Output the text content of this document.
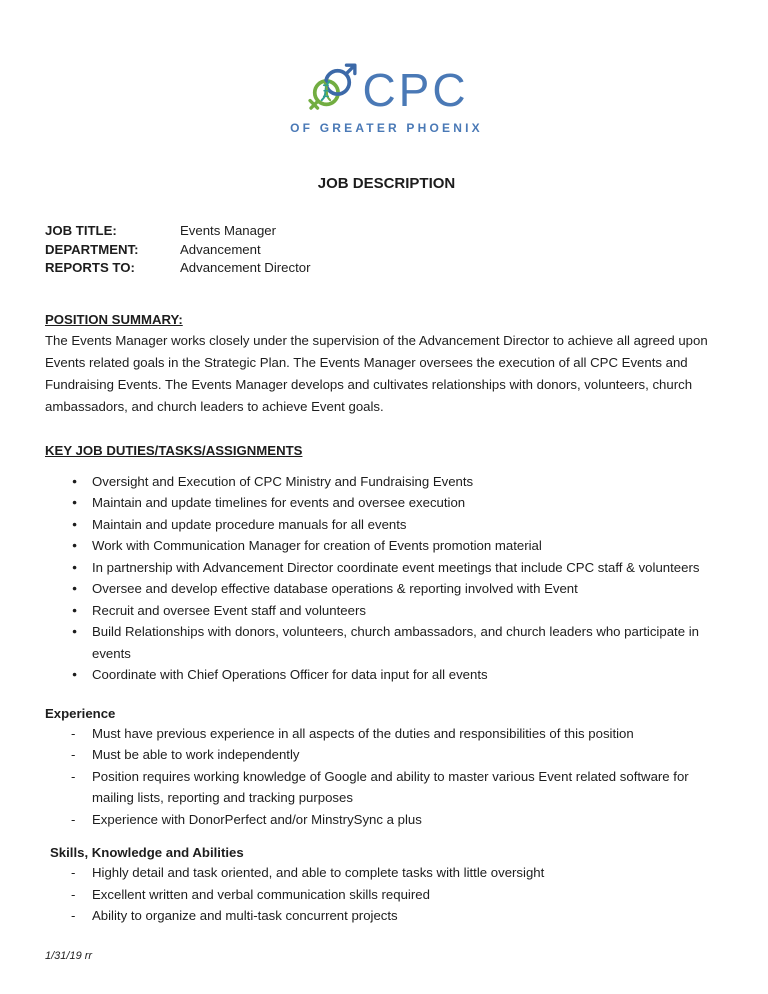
CPC
OF GREATER PHOENIX
JOB DESCRIPTION
JOB TITLE:	Events Manager
DEPARTMENT:	Advancement
REPORTS TO:	Advancement Director
POSITION SUMMARY:

The Events Manager works closely under the supervision of the Advancement Director to achieve all agreed upon Events related goals in the Strategic Plan. The Events Manager oversees the execution of all CPC Events and Fundraising Events. The Events Manager develops and cultivates relationships with donors, volunteers, church ambassadors, and church leaders to achieve Event goals.

KEY JOB DUTIES/TASKS/ASSIGNMENTS
● Oversight and Execution of CPC Ministry and Fundraising Events
● Maintain and update timelines for events and oversee execution
● Maintain and update procedure manuals for all events
● Work with Communication Manager for creation of Events promotion material
● In partnership with Advancement Director coordinate event meetings that include CPC staff & volunteers
● Oversee and develop effective database operations & reporting involved with Event
● Recruit and oversee Event staff and volunteers
● Build Relationships with donors, volunteers, church ambassadors, and church leaders who participate in events
● Coordinate with Chief Operations Officer for data input for all events
Experience
- Must have previous experience in all aspects of the duties and responsibilities of this position
- Must be able to work independently
- Position requires working knowledge of Google and ability to master various Event related software for mailing lists, reporting and tracking purposes
- Experience with DonorPerfect and/or MinstrySync a plus
Skills, Knowledge and Abilities
- Highly detail and task oriented, and able to complete tasks with little oversight
- Excellent written and verbal communication skills required
- Ability to organize and multi-task concurrent projects
1/31/19 rr
